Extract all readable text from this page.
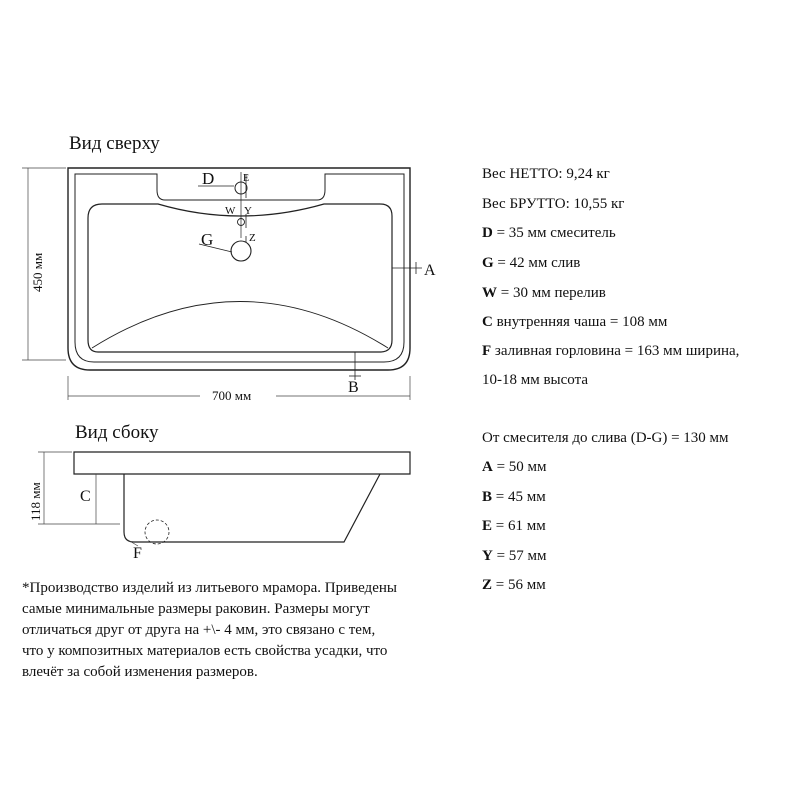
Вид сверху
D	E
W Y
G	Z
A
B
450 мм
700 мм
Вид сбоку
118 мм C
F
Вес НЕТТО: 9,24 кг
Вес БРУТТО: 10,55 кг
D = 35 мм смеситель
G = 42 мм слив
W = 30 мм перелив
C внутренняя чаша = 108 мм
F заливная горловина = 163 мм ширина,
10-18 мм высота
От смесителя до слива (D-G) = 130 мм
A = 50 мм
B = 45 мм
E = 61 мм
Y = 57 мм
Z = 56 мм
*Производство изделий из литьевого мрамора. Приведены
самые минимальные размеры раковин. Размеры могут
отличаться друг от друга на +\- 4 мм, это связано с тем,
что у композитных материалов есть свойства усадки, что
влечёт за собой изменения размеров.
